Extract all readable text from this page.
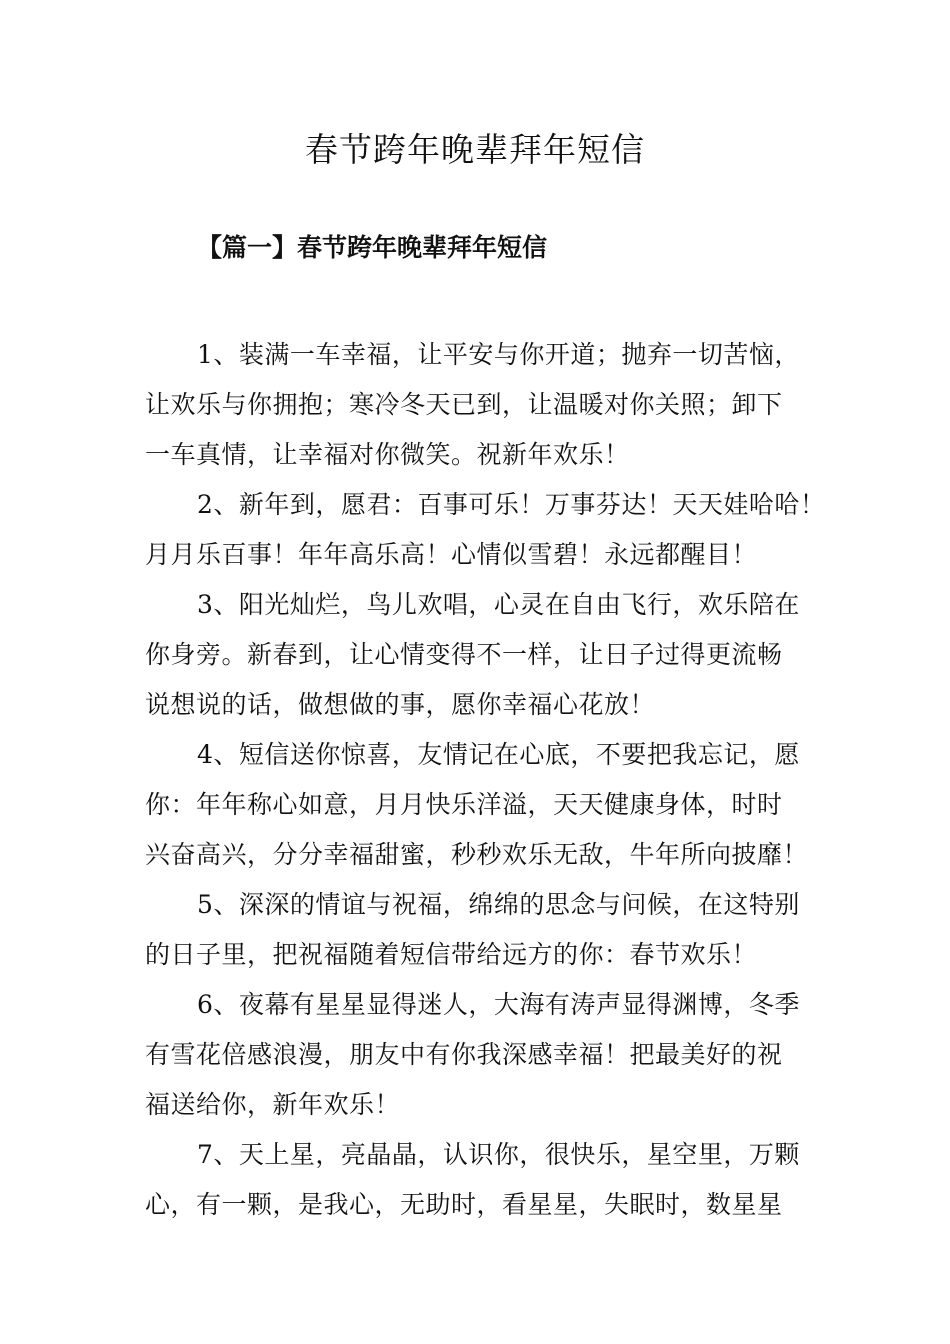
春节跨年晚辈拜年短信
【篇一】春节跨年晚辈拜年短信

1、装满一车幸福，让平安与你开道；抛弃一切苦恼，
让欢乐与你拥抱；寒冷冬天已到，让温暖对你关照；卸下
一车真情，让幸福对你微笑。祝新年欢乐！

2、新年到，愿君：百事可乐！万事芬达！天天娃哈哈！
月月乐百事！年年高乐高！心情似雪碧！永远都醒目！

3、阳光灿烂，鸟儿欢唱，心灵在自由飞行，欢乐陪在
你身旁。新春到，让心情变得不一样，让日子过得更流畅
说想说的话，做想做的事，愿你幸福心花放！

4、短信送你惊喜，友情记在心底，不要把我忘记，愿
你：年年称心如意，月月快乐洋溢，天天健康身体，时时
兴奋高兴，分分幸福甜蜜，秒秒欢乐无敌，牛年所向披靡！

5、深深的情谊与祝福，绵绵的思念与问候，在这特别
的日子里，把祝福随着短信带给远方的你：春节欢乐！

6、夜幕有星星显得迷人，大海有涛声显得渊博，冬季
有雪花倍感浪漫，朋友中有你我深感幸福！把最美好的祝
福送给你，新年欢乐！

7、天上星，亮晶晶，认识你，很快乐，星空里，万颗
心，有一颗，是我心，无助时，看星星，失眠时，数星星
